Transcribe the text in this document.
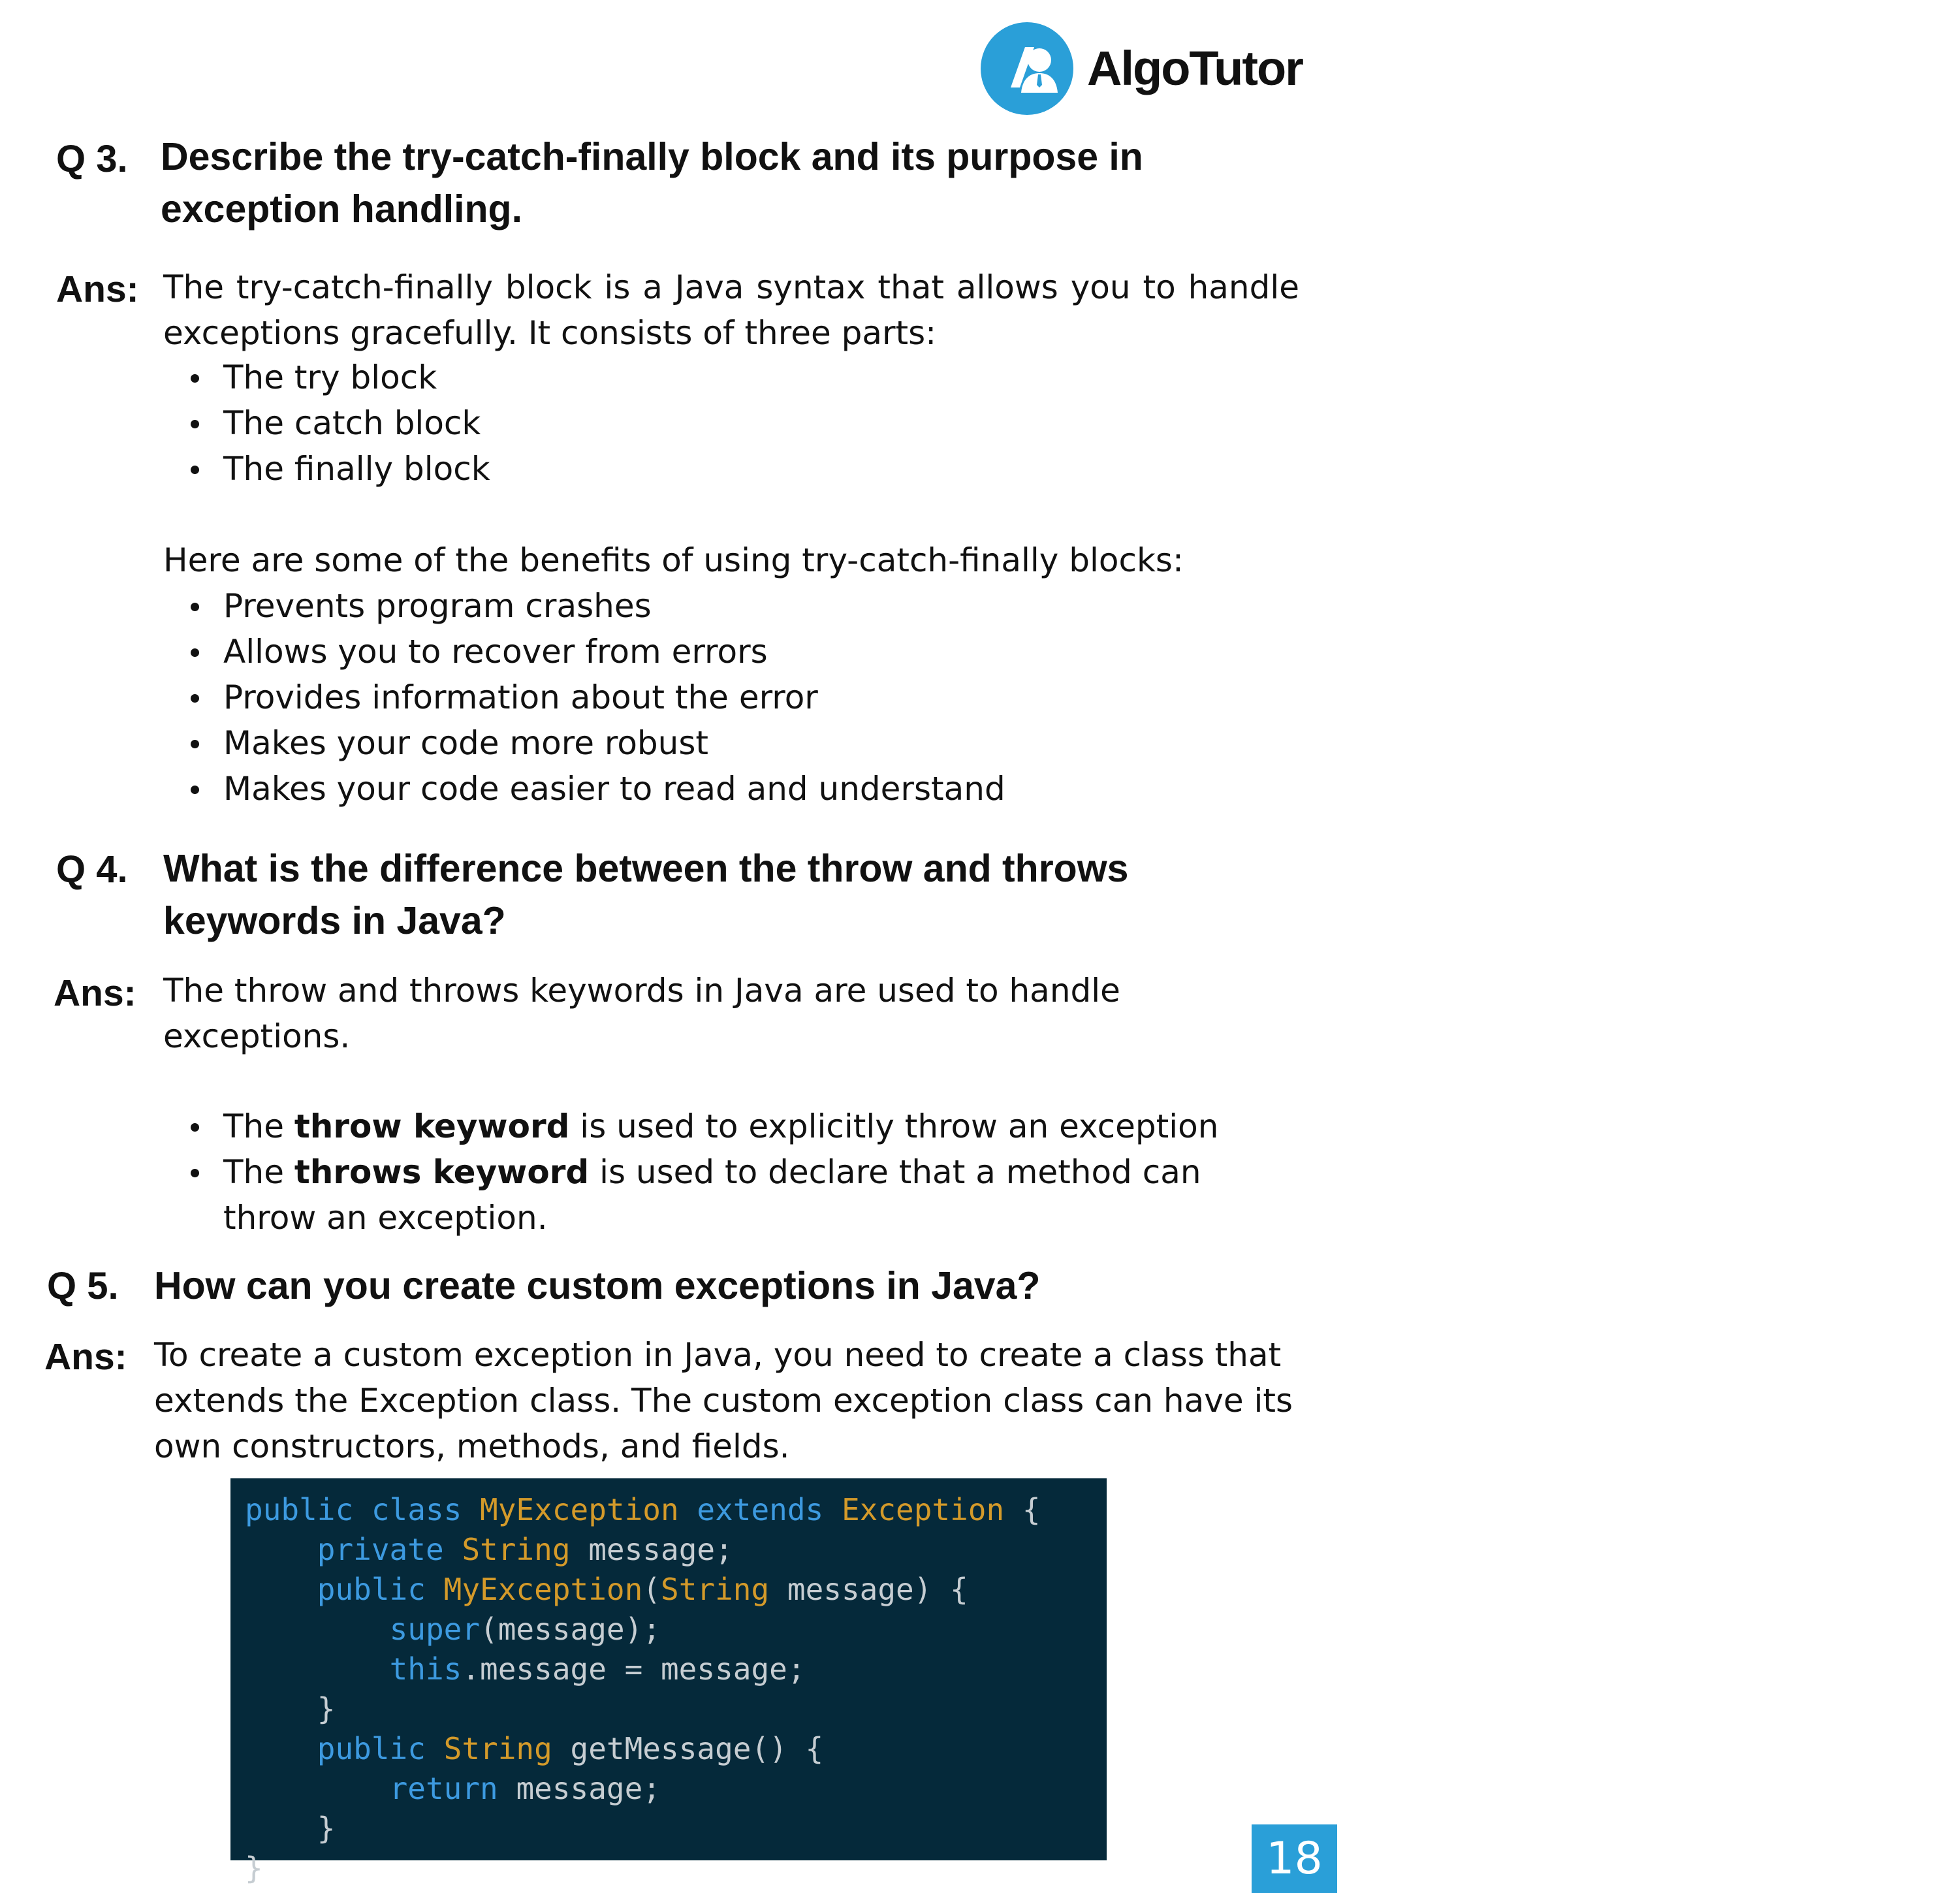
AlgoTutor
Q 3. Describe the try-catch-finally block and its purpose in exception handling.
Ans: The try-catch-finally block is a Java syntax that allows you to handle exceptions gracefully. It consists of three parts:
The try block
The catch block
The finally block
Here are some of the benefits of using try-catch-finally blocks:
Prevents program crashes
Allows you to recover from errors
Provides information about the error
Makes your code more robust
Makes your code easier to read and understand
Q 4. What is the difference between the throw and throws keywords in Java?
Ans: The throw and throws keywords in Java are used to handle exceptions.
The throw keyword is used to explicitly throw an exception
The throws keyword is used to declare that a method can throw an exception.
Q 5. How can you create custom exceptions in Java?
Ans: To create a custom exception in Java, you need to create a class that extends the Exception class. The custom exception class can have its own constructors, methods, and fields.
public class MyException extends Exception {
private String message;
public MyException(String message) {
super(message);
this.message = message;
}
public String getMessage() {
return message;
}
}	18
